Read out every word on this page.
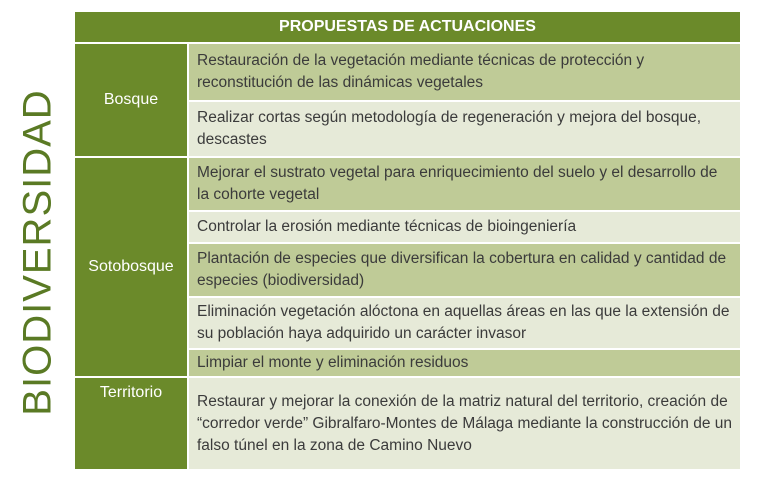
BIODIVERSIDAD
PROPUESTAS DE ACTUACIONES
Bosque
Sotobosque
Territorio
Restauración de la vegetación mediante técnicas de protección y reconstitución de las dinámicas vegetales
Realizar cortas según metodología de regeneración y mejora del bosque, descastes
Mejorar el sustrato vegetal para enriquecimiento del suelo y el desarrollo de la cohorte vegetal
Controlar la erosión mediante técnicas de bioingeniería
Plantación de especies que diversifican la cobertura en calidad y cantidad de especies (biodiversidad)
Eliminación vegetación alóctona en aquellas áreas en las que la extensión de su población haya adquirido un carácter invasor
Limpiar el monte y eliminación residuos
Restaurar y mejorar la conexión de la matriz natural del territorio, creación de “corredor verde” Gibralfaro-Montes de Málaga mediante la construcción de un falso túnel en la zona de Camino Nuevo
